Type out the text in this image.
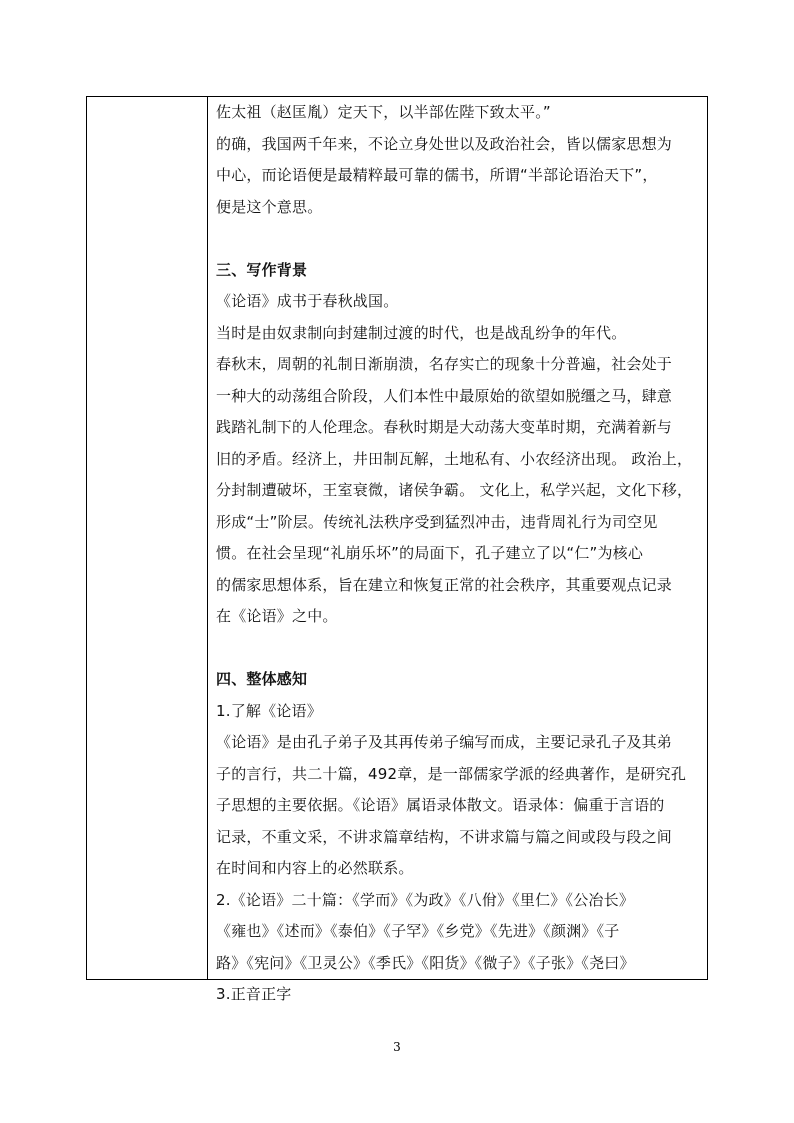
佐太祖（赵匡胤）定天下，以半部佐陛下致太平。”
的确，我国两千年来，不论立身处世以及政治社会，皆以儒家思想为
中心，而论语便是最精粹最可靠的儒书，所谓“半部论语治天下”，
便是这个意思。
三、写作背景
《论语》成书于春秋战国。
当时是由奴隶制向封建制过渡的时代，也是战乱纷争的年代。
春秋末，周朝的礼制日渐崩溃，名存实亡的现象十分普遍，社会处于
一种大的动荡组合阶段，人们本性中最原始的欲望如脱缰之马，肆意
践踏礼制下的人伦理念。春秋时期是大动荡大变革时期，充满着新与
旧的矛盾。经济上，井田制瓦解，土地私有、小农经济出现。 政治上，
分封制遭破坏，王室衰微，诸侯争霸。 文化上，私学兴起，文化下移，
形成“士”阶层。传统礼法秩序受到猛烈冲击，违背周礼行为司空见
惯。在社会呈现“礼崩乐坏”的局面下，孔子建立了以“仁”为核心
的儒家思想体系，旨在建立和恢复正常的社会秩序，其重要观点记录
在《论语》之中。
四、整体感知
1.了解《论语》
《论语》是由孔子弟子及其再传弟子编写而成，主要记录孔子及其弟
子的言行，共二十篇，492章，是一部儒家学派的经典著作，是研究孔
子思想的主要依据。《论语》属语录体散文。语录体：偏重于言语的
记录，不重文采，不讲求篇章结构，不讲求篇与篇之间或段与段之间
在时间和内容上的必然联系。
2.《论语》二十篇：《学而》《为政》《八佾》《里仁》《公冶长》
《雍也》《述而》《泰伯》《子罕》《乡党》《先进》《颜渊》《子
路》《宪问》《卫灵公》《季氏》《阳货》《微子》《子张》《尧曰》
3.正音正字
3
